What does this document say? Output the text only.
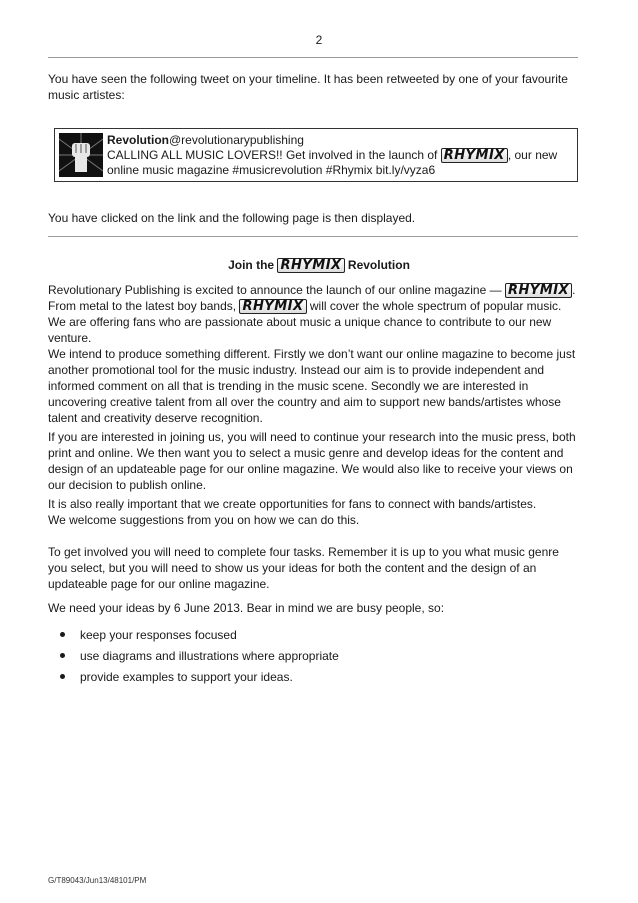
2

You have seen the following tweet on your timeline. It has been retweeted by one of your favourite music artistes:

Revolution@revolutionarypublishing
CALLING ALL MUSIC LOVERS!! Get involved in the launch of RHYMIX , our new
online music magazine #musicrevolution #Rhymix bit.ly/vyza6

You have clicked on the link and the following page is then displayed.

Join the RHYMIX Revolution

Revolutionary Publishing is excited to announce the launch of our online magazine — RHYMIX . From metal to the latest boy bands, RHYMIX will cover the whole spectrum of popular music. We are offering fans who are passionate about music a unique chance to contribute to our new venture.

We intend to produce something different. Firstly we don’t want our online magazine to become just another promotional tool for the music industry. Instead our aim is to provide independent and informed comment on all that is trending in the music scene. Secondly we are interested in uncovering creative talent from all over the country and aim to support new bands/artistes whose talent and creativity deserve recognition.

If you are interested in joining us, you will need to continue your research into the music press, both print and online. We then want you to select a music genre and develop ideas for the content and design of an updateable page for our online magazine. We would also like to receive your views on our decision to publish online.

It is also really important that we create opportunities for fans to connect with bands/artistes.

We welcome suggestions from you on how we can do this.

To get involved you will need to complete four tasks. Remember it is up to you what music genre you select, but you will need to show us your ideas for both the content and the design of an updateable page for our online magazine.

We need your ideas by 6 June 2013. Bear in mind we are busy people, so:

keep your responses focused
use diagrams and illustrations where appropriate
provide examples to support your ideas.
G/T89043/Jun13/48101/PM
